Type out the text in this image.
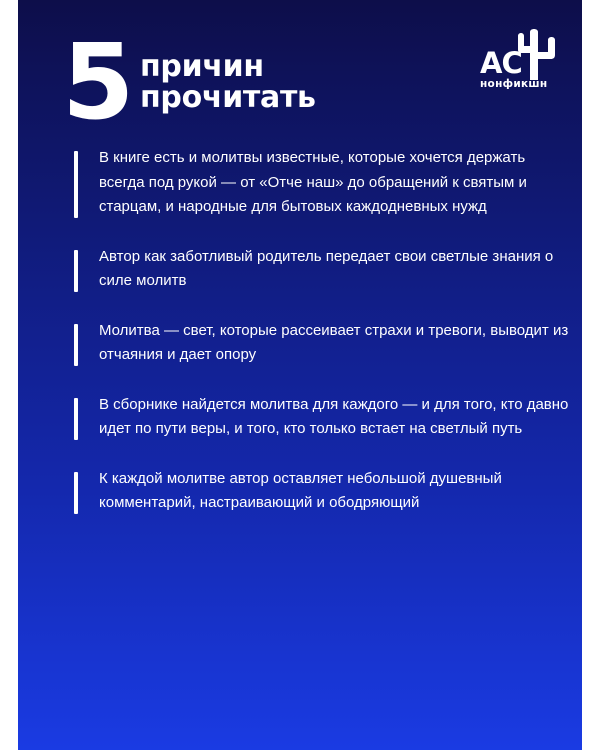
5 причин
прочитать
АС
нонфикшн
В книге есть и молитвы известные, которые хочется держать всегда под рукой — от «Отче наш» до обращений к святым и старцам, и народные для бытовых каждодневных нужд
Автор как заботливый родитель передает свои светлые знания о силе молитв
Молитва — свет, которые рассеивает страхи и тревоги, выводит из отчаяния и дает опору
В сборнике найдется молитва для каждого — и для того, кто давно идет по пути веры, и того, кто только встает на светлый путь
К каждой молитве автор оставляет небольшой душевный комментарий, настраивающий и ободряющий
